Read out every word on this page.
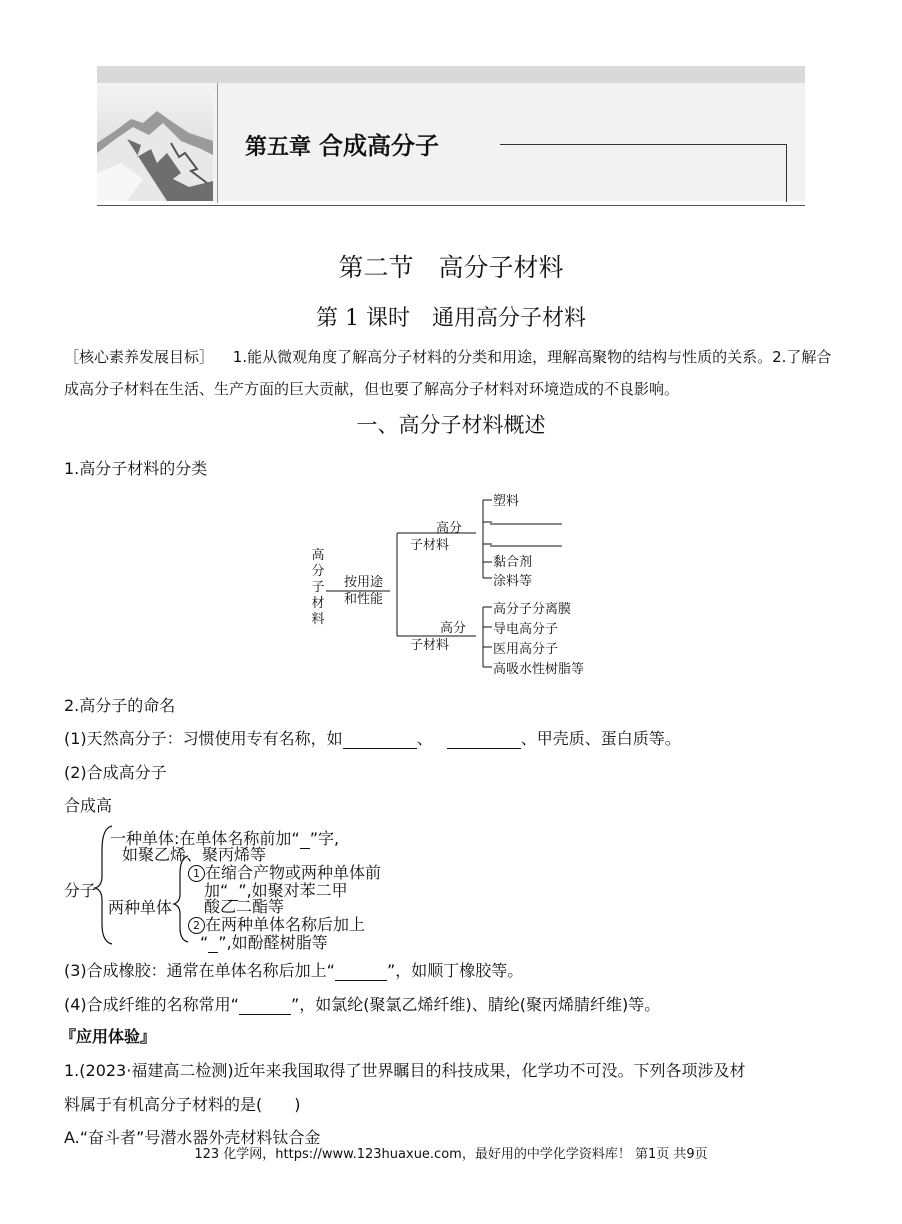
第五章 合成高分子
第二节　高分子材料
第 1 课时　通用高分子材料
［核心素养发展目标］ 1.能从微观角度了解高分子材料的分类和用途，理解高聚物的结构与性质的关系。2.了解合成高分子材料在生活、生产方面的巨大贡献，但也要了解高分子材料对环境造成的不良影响。
一、高分子材料概述
1.高分子材料的分类
高
分
子
材
料
按用途
和性能
高分
子材料
高分
子材料
塑料
黏合剂
涂料等
高分子分离膜
导电高分子
医用高分子
高吸水性树脂等
2.高分子的命名
(1)天然高分子：习惯使用专有名称，如	、	、甲壳质、蛋白质等。
(2)合成高分子
合成高
分子
一种单体:在单体名称前加“ ”字,
如聚乙烯、聚丙烯等
两种单体
1 在缩合产物或两种单体前
加“ ”,如聚对苯二甲
酸乙二酯等
2 在两种单体名称后加上
“ ”,如酚醛树脂等
(3)合成橡胶：通常在单体名称后加上“	”，如顺丁橡胶等。
(4)合成纤维的名称常用“	”，如氯纶(聚氯乙烯纤维)、腈纶(聚丙烯腈纤维)等。
『应用体验』
1.(2023·福建高二检测)近年来我国取得了世界瞩目的科技成果，化学功不可没。下列各项涉及材
料属于有机高分子材料的是(　　)
A.“奋斗者”号潜水器外壳材料钛合金
123 化学网，https://www.123huaxue.com，最好用的中学化学资料库！ 第1页 共9页
